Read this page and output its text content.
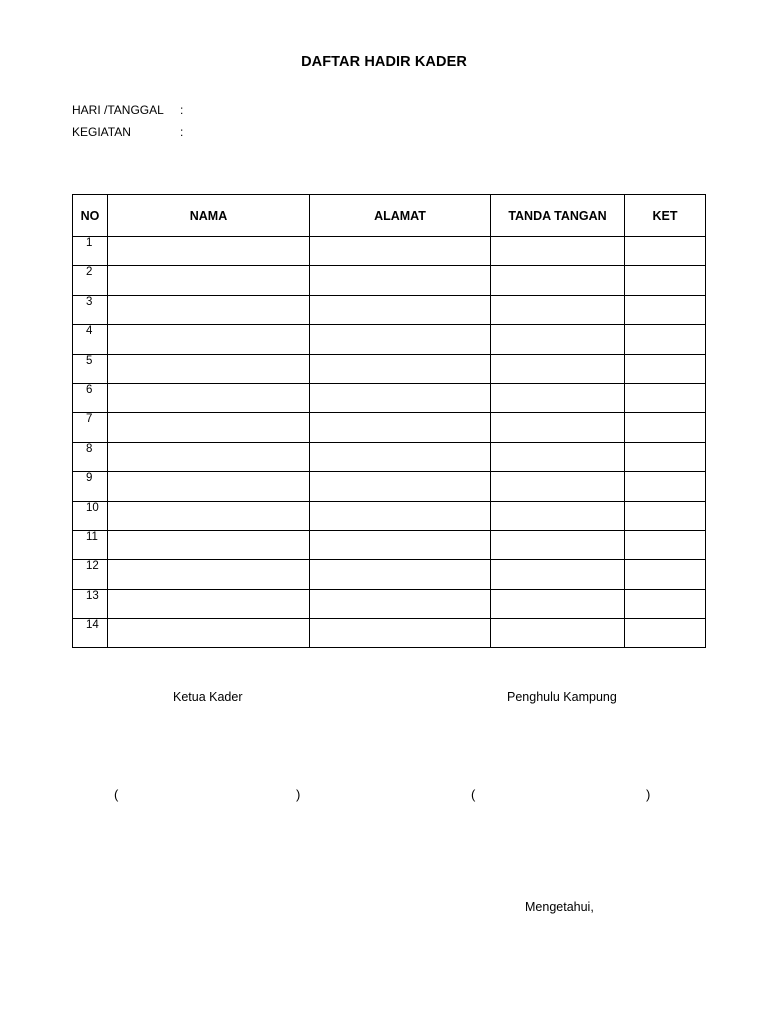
DAFTAR HADIR KADER
HARI /TANGGAL :
KEGIATAN	:
NO	NAMA	ALAMAT	TANDA TANGAN	KET
1				
2				
3				
4				
5				
6				
7				
8				
9				
10				
11				
12				
13				
14				
Ketua Kader	Penghulu Kampung
(	)	(	)
Mengetahui,
